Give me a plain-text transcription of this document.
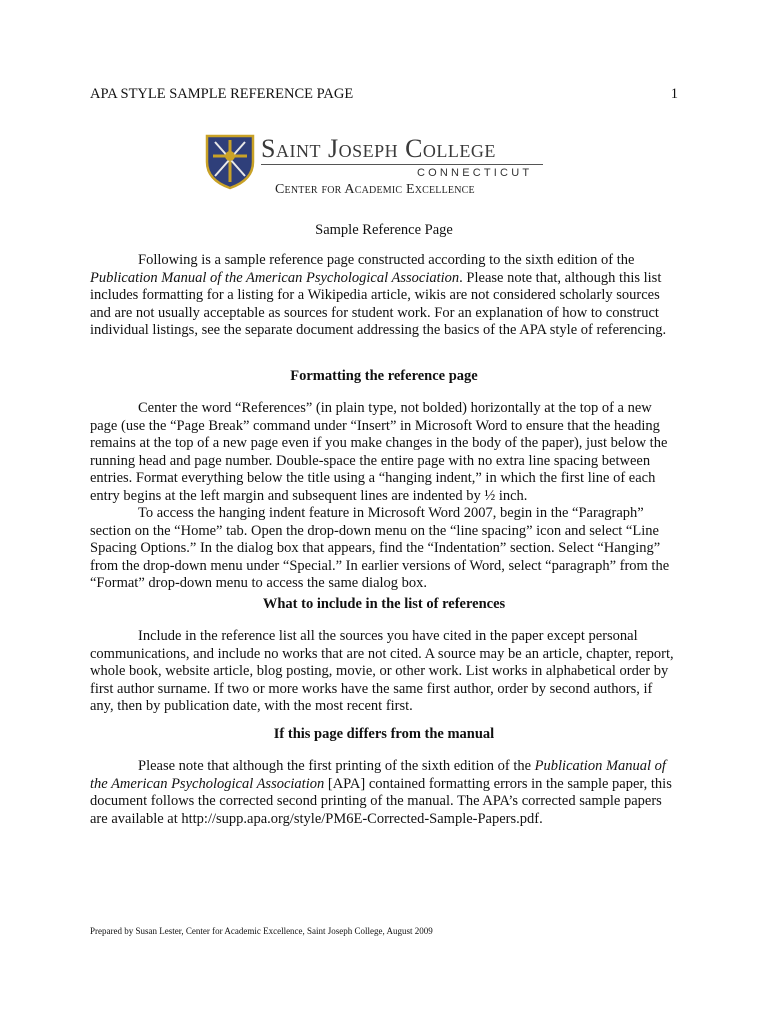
APA STYLE SAMPLE REFERENCE PAGE	1
Saint Joseph College
CONNECTICUT
Center for Academic Excellence
Sample Reference Page

Following is a sample reference page constructed according to the sixth edition of the Publication Manual of the American Psychological Association. Please note that, although this list includes formatting for a listing for a Wikipedia article, wikis are not considered scholarly sources and are not usually acceptable as sources for student work. For an explanation of how to construct individual listings, see the separate document addressing the basics of the APA style of referencing.

Formatting the reference page

Center the word “References” (in plain type, not bolded) horizontally at the top of a new page (use the “Page Break” command under “Insert” in Microsoft Word to ensure that the heading remains at the top of a new page even if you make changes in the body of the paper), just below the running head and page number. Double-space the entire page with no extra line spacing between entries. Format everything below the title using a “hanging indent,” in which the first line of each entry begins at the left margin and subsequent lines are indented by ½ inch.

To access the hanging indent feature in Microsoft Word 2007, begin in the “Paragraph” section on the “Home” tab. Open the drop-down menu on the “line spacing” icon and select “Line Spacing Options.” In the dialog box that appears, find the “Indentation” section. Select “Hanging” from the drop-down menu under “Special.” In earlier versions of Word, select “paragraph” from the “Format” drop-down menu to access the same dialog box.

What to include in the list of references

Include in the reference list all the sources you have cited in the paper except personal communications, and include no works that are not cited. A source may be an article, chapter, report, whole book, website article, blog posting, movie, or other work. List works in alphabetical order by first author surname. If two or more works have the same first author, order by second authors, if any, then by publication date, with the most recent first.

If this page differs from the manual

Please note that although the first printing of the sixth edition of the Publication Manual of the American Psychological Association [APA] contained formatting errors in the sample paper, this document follows the corrected second printing of the manual. The APA’s corrected sample papers are available at http://supp.apa.org/style/PM6E-Corrected-Sample-Papers.pdf.

Prepared by Susan Lester, Center for Academic Excellence, Saint Joseph College, August 2009
